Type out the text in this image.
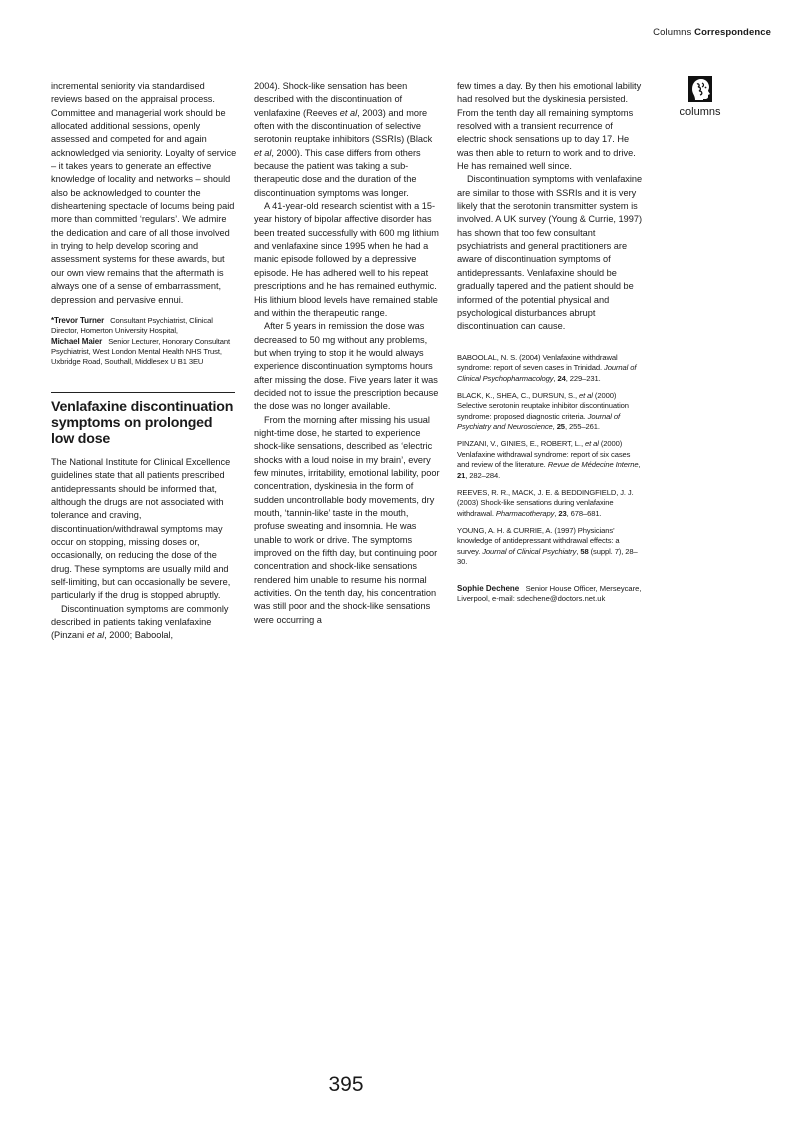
Columns Correspondence

incremental seniority via standardised reviews based on the appraisal process. Committee and managerial work should be allocated additional sessions, openly assessed and competed for and again acknowledged via seniority. Loyalty of service – it takes years to generate an effective knowledge of locality and networks – should also be acknowledged to counter the disheartening spectacle of locums being paid more than committed ‘regulars’. We admire the dedication and care of all those involved in trying to help develop scoring and assessment systems for these awards, but our own view remains that the aftermath is always one of a sense of embarrassment, depression and pervasive ennui.

*Trevor Turner Consultant Psychiatrist, Clinical Director, Homerton University Hospital,
Michael Maier Senior Lecturer, Honorary Consultant Psychiatrist, West London Mental Health NHS Trust, Uxbridge Road, Southall, Middlesex U B1 3EU
Venlafaxine discontinuation symptoms on prolonged low dose

The National Institute for Clinical Excellence guidelines state that all patients prescribed antidepressants should be informed that, although the drugs are not associated with tolerance and craving, discontinuation/withdrawal symptoms may occur on stopping, missing doses or, occasionally, on reducing the dose of the drug. These symptoms are usually mild and self-limiting, but can occasionally be severe, particularly if the drug is stopped abruptly.

Discontinuation symptoms are commonly described in patients taking venlafaxine (Pinzani et al, 2000; Baboolal,

2004). Shock-like sensation has been described with the discontinuation of venlafaxine (Reeves et al, 2003) and more often with the discontinuation of selective serotonin reuptake inhibitors (SSRIs) (Black et al, 2000). This case differs from others because the patient was taking a sub-therapeutic dose and the duration of the discontinuation symptoms was longer.

A 41-year-old research scientist with a 15-year history of bipolar affective disorder has been treated successfully with 600 mg lithium and venlafaxine since 1995 when he had a manic episode followed by a depressive episode. He has adhered well to his repeat prescriptions and he has remained euthymic. His lithium blood levels have remained stable and within the therapeutic range.

After 5 years in remission the dose was decreased to 50 mg without any problems, but when trying to stop it he would always experience discontinuation symptoms hours after missing the dose. Five years later it was decided not to issue the prescription because the dose was no longer available.

From the morning after missing his usual night-time dose, he started to experience shock-like sensations, described as ‘electric shocks with a loud noise in my brain’, every few minutes, irritability, emotional lability, poor concentration, dyskinesia in the form of sudden uncontrollable body movements, dry mouth, ‘tannin-like’ taste in the mouth, profuse sweating and insomnia. He was unable to work or drive. The symptoms improved on the fifth day, but continuing poor concentration and shock-like sensations rendered him unable to resume his normal activities. On the tenth day, his concentration was still poor and the shock-like sensations were occurring a

few times a day. By then his emotional lability had resolved but the dyskinesia persisted. From the tenth day all remaining symptoms resolved with a transient recurrence of electric shock sensations up to day 17. He was then able to return to work and to drive. He has remained well since.

Discontinuation symptoms with venlafaxine are similar to those with SSRIs and it is very likely that the serotonin transmitter system is involved. A UK survey (Young & Currie, 1997) has shown that too few consultant psychiatrists and general practitioners are aware of discontinuation symptoms of antidepressants. Venlafaxine should be gradually tapered and the patient should be informed of the potential physical and psychological disturbances abrupt discontinuation can cause.

BABOOLAL, N. S. (2004) Venlafaxine withdrawal syndrome: report of seven cases in Trinidad. Journal of Clinical Psychopharmacology, 24, 229–231.

BLACK, K., SHEA, C., DURSUN, S., et al (2000) Selective serotonin reuptake inhibitor discontinuation syndrome: proposed diagnostic criteria. Journal of Psychiatry and Neuroscience, 25, 255–261.

PINZANI, V., GINIES, E., ROBERT, L., et al (2000) Venlafaxine withdrawal syndrome: report of six cases and review of the literature. Revue de Médecine Interne, 21, 282–284.

REEVES, R. R., MACK, J. E. & BEDDINGFIELD, J. J. (2003) Shock-like sensations during venlafaxine withdrawal. Pharmacotherapy, 23, 678–681.

YOUNG, A. H. & CURRIE, A. (1997) Physicians’ knowledge of antidepressant withdrawal effects: a survey. Journal of Clinical Psychiatry, 58 (suppl. 7), 28–30.

Sophie Dechene Senior House Officer, Merseycare, Liverpool, e-mail: sdechene@doctors.net.uk
columns
395
